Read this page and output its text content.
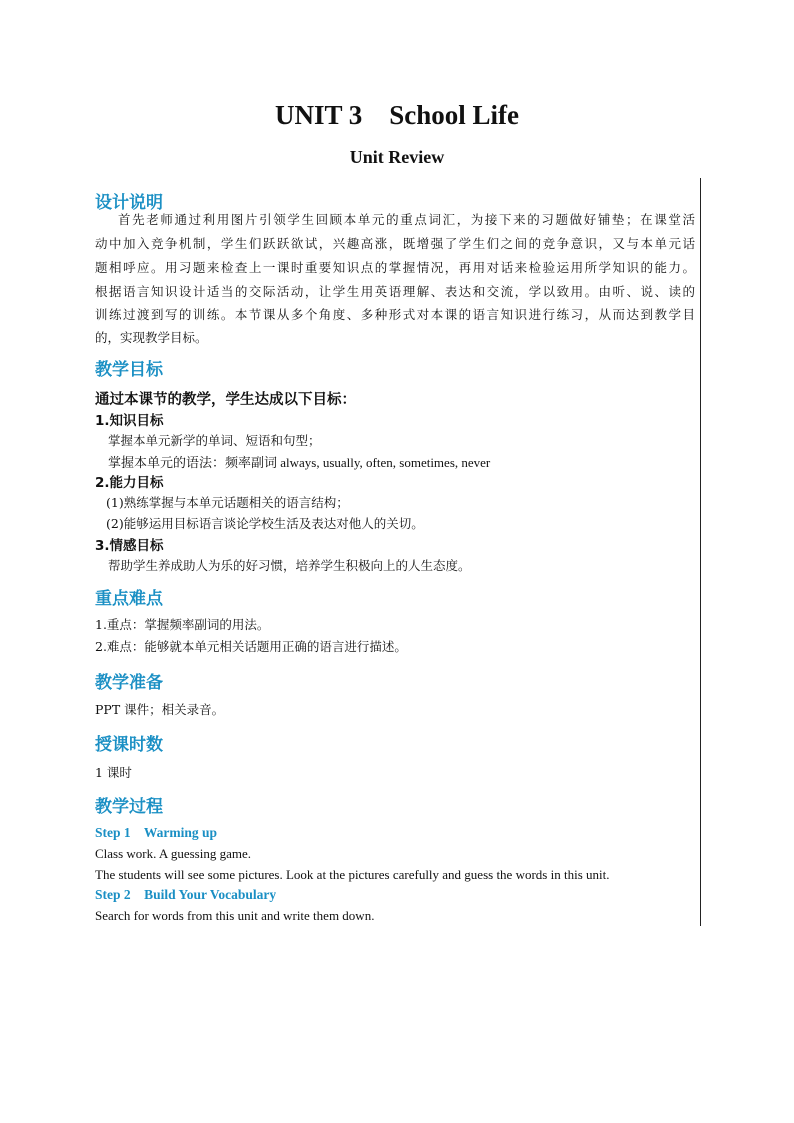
UNIT 3    School Life
Unit Review
设计说明
首先老师通过利用图片引领学生回顾本单元的重点词汇，为接下来的习题做好铺垫；在课堂活
动中加入竞争机制，学生们跃跃欲试，兴趣高涨，既增强了学生们之间的竞争意识，又与本单元话
题相呼应。用习题来检查上一课时重要知识点的掌握情况，再用对话来检验运用所学知识的能力。
根据语言知识设计适当的交际活动，让学生用英语理解、表达和交流，学以致用。由听、说、读的
训练过渡到写的训练。本节课从多个角度、多种形式对本课的语言知识进行练习，从而达到教学目
的，实现教学目标。
教学目标
通过本课节的教学，学生达成以下目标：
1.知识目标
掌握本单元新学的单词、短语和句型；
掌握本单元的语法：频率副词 always, usually, often, sometimes, never
2.能力目标
(1)熟练掌握与本单元话题相关的语言结构；
(2)能够运用目标语言谈论学校生活及表达对他人的关切。
3.情感目标
帮助学生养成助人为乐的好习惯，培养学生积极向上的人生态度。
重点难点
1.重点：掌握频率副词的用法。
2.难点：能够就本单元相关话题用正确的语言进行描述。
教学准备
PPT 课件；相关录音。
授课时数
1 课时
教学过程
Step 1    Warming up
Class work. A guessing game.
The students will see some pictures. Look at the pictures carefully and guess the words in this unit.
Step 2    Build Your Vocabulary
Search for words from this unit and write them down.
